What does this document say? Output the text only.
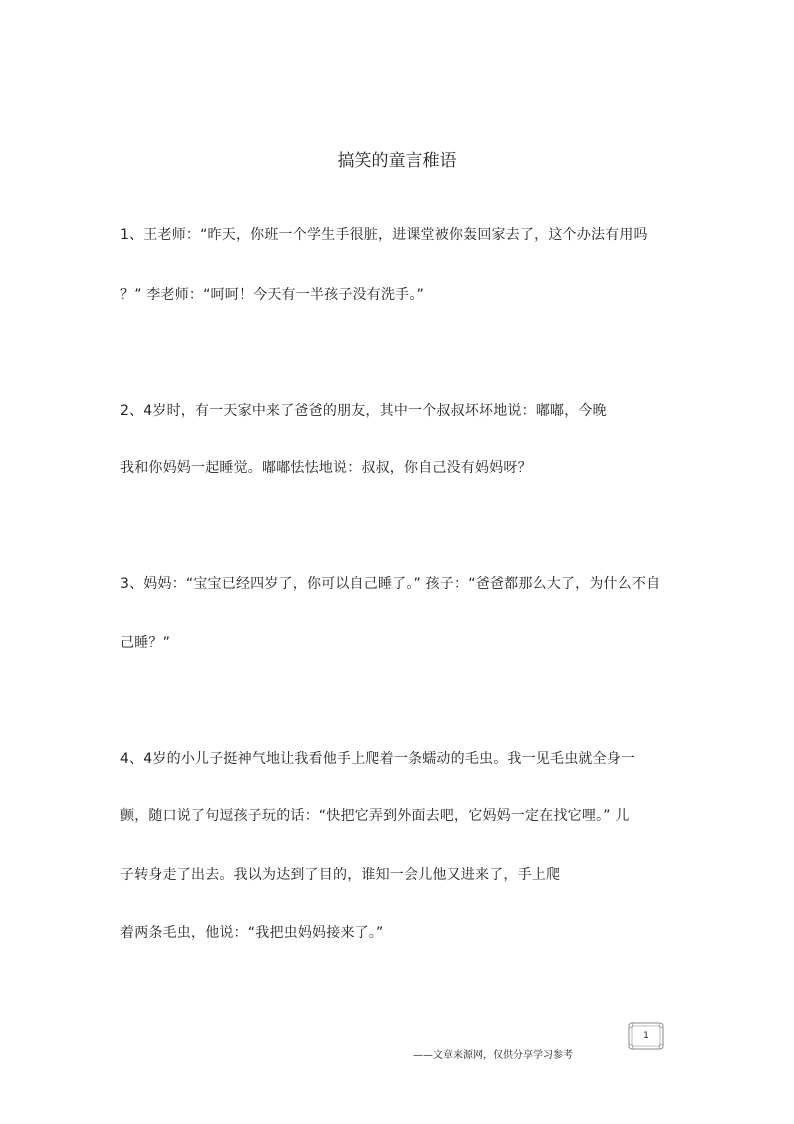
搞笑的童言稚语
1、王老师：“昨天，你班一个学生手很脏，进课堂被你轰回家去了，这个办法有用吗
？” 李老师：“呵呵！今天有一半孩子没有洗手。”
2、4岁时，有一天家中来了爸爸的朋友，其中一个叔叔坏坏地说：嘟嘟，今晚
我和你妈妈一起睡觉。嘟嘟怯怯地说：叔叔，你自己没有妈妈呀？
3、妈妈：“宝宝已经四岁了，你可以自己睡了。” 孩子：“爸爸都那么大了，为什么不自
己睡？”
4、4岁的小儿子挺神气地让我看他手上爬着一条蠕动的毛虫。我一见毛虫就全身一
颤，随口说了句逗孩子玩的话：“快把它弄到外面去吧，它妈妈一定在找它哩。” 儿
子转身走了出去。我以为达到了目的，谁知一会儿他又进来了，手上爬
着两条毛虫，他说：“我把虫妈妈接来了。”
1
——文章来源网，仅供分享学习参考
